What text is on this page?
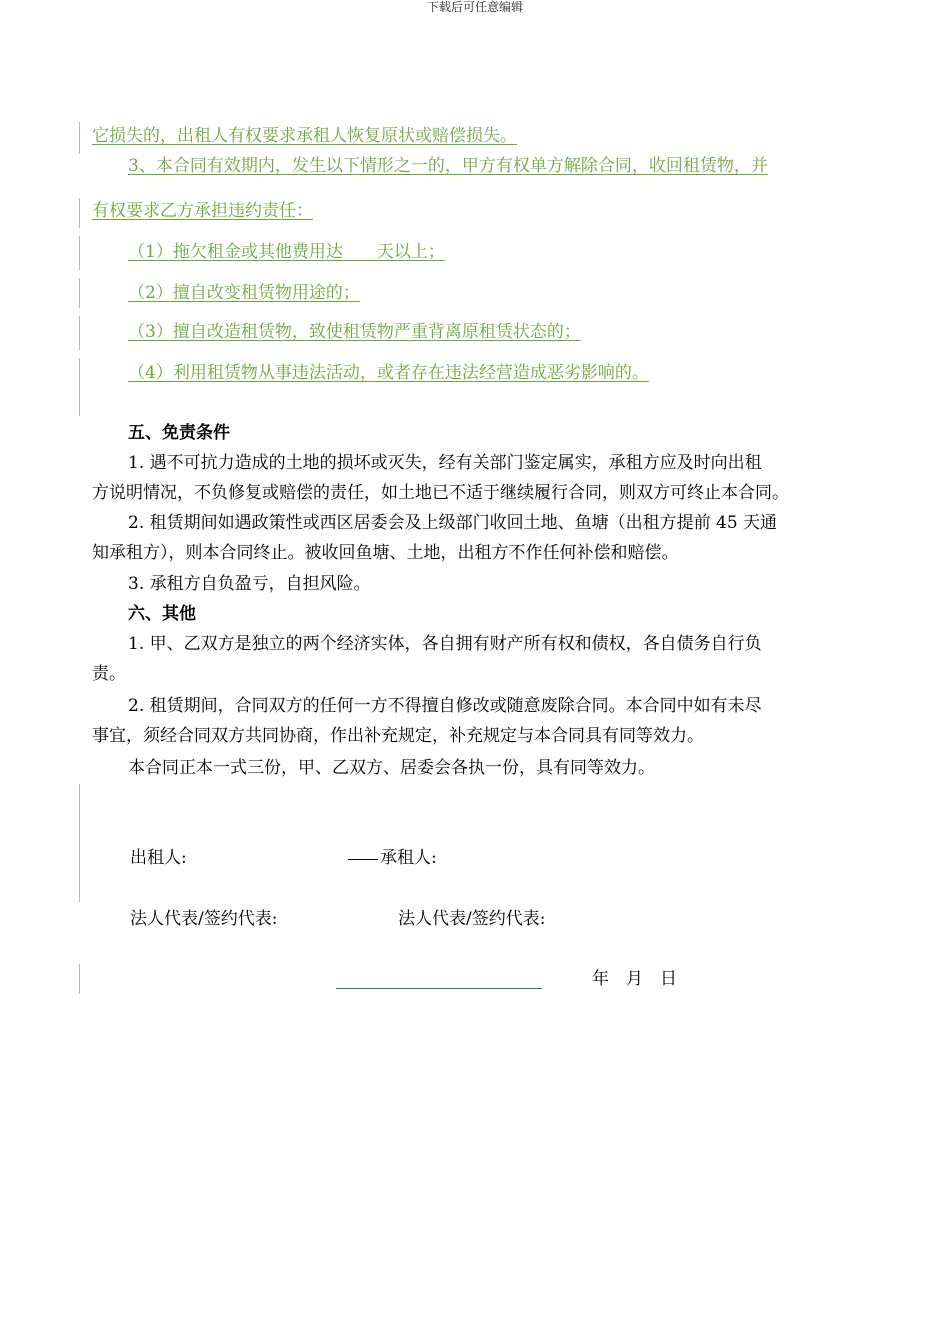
下载后可任意编辑
它损失的，出租人有权要求承租人恢复原状或赔偿损失。
3、本合同有效期内，发生以下情形之一的，甲方有权单方解除合同，收回租赁物，并
有权要求乙方承担违约责任：
（1）拖欠租金或其他费用达　　天以上；
（2）擅自改变租赁物用途的；
（3）擅自改造租赁物，致使租赁物严重背离原租赁状态的；
（4）利用租赁物从事违法活动，或者存在违法经营造成恶劣影响的。
五、免责条件
1. 遇不可抗力造成的土地的损坏或灭失，经有关部门鉴定属实，承租方应及时向出租
方说明情况，不负修复或赔偿的责任，如土地已不适于继续履行合同，则双方可终止本合同。
2. 租赁期间如遇政策性或西区居委会及上级部门收回土地、鱼塘（出租方提前 45 天通
知承租方），则本合同终止。被收回鱼塘、土地，出租方不作任何补偿和赔偿。
3. 承租方自负盈亏，自担风险。
六、其他
1. 甲、乙双方是独立的两个经济实体，各自拥有财产所有权和债权，各自债务自行负
责。
2. 租赁期间，合同双方的任何一方不得擅自修改或随意废除合同。本合同中如有未尽
事宜，须经合同双方共同协商，作出补充规定，补充规定与本合同具有同等效力。
本合同正本一式三份，甲、乙双方、居委会各执一份，具有同等效力。
出租人:	承租人:
法人代表/签约代表:	法人代表/签约代表:
年　月　日
